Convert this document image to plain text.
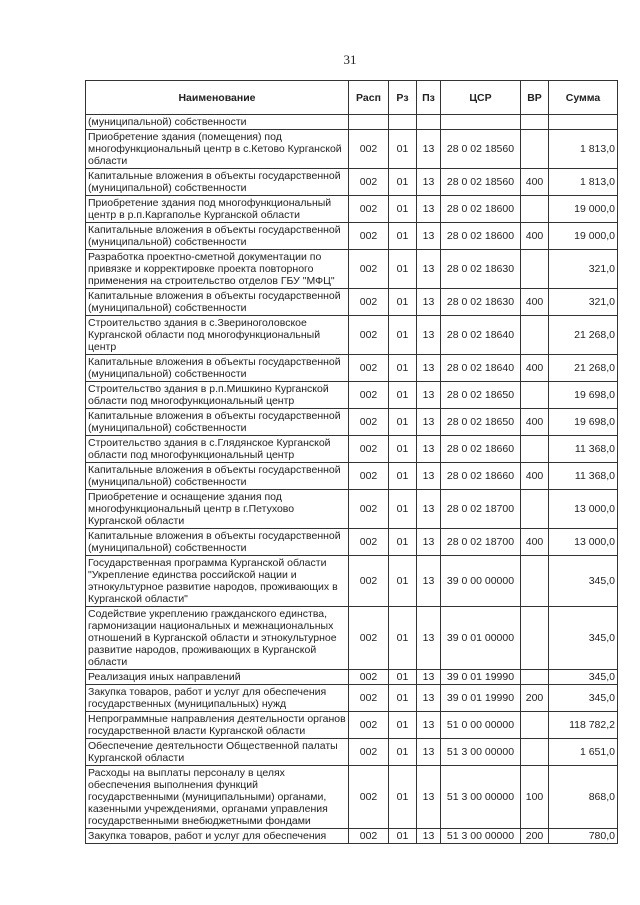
31
Наименование	Расп	Рз	Пз	ЦСР	ВР	Сумма
(муниципальной) собственности						
Приобретение здания (помещения) под многофункциональный центр в с.Кетово Курганской области	002	01	13	28 0 02 18560		1 813,0
Капитальные вложения в объекты государственной (муниципальной) собственности	002	01	13	28 0 02 18560	400	1 813,0
Приобретение здания под многофункциональный центр в р.п.Каргаполье Курганской области	002	01	13	28 0 02 18600		19 000,0
Капитальные вложения в объекты государственной (муниципальной) собственности	002	01	13	28 0 02 18600	400	19 000,0
Разработка проектно-сметной документации по привязке и корректировке проекта повторного применения на строительство отделов ГБУ "МФЦ"	002	01	13	28 0 02 18630		321,0
Капитальные вложения в объекты государственной (муниципальной) собственности	002	01	13	28 0 02 18630	400	321,0
Строительство здания в с.Звериноголовское Курганской области под многофункциональный центр	002	01	13	28 0 02 18640		21 268,0
Капитальные вложения в объекты государственной (муниципальной) собственности	002	01	13	28 0 02 18640	400	21 268,0
Строительство здания в р.п.Мишкино Курганской области под многофункциональный центр	002	01	13	28 0 02 18650		19 698,0
Капитальные вложения в объекты государственной (муниципальной) собственности	002	01	13	28 0 02 18650	400	19 698,0
Строительство здания в с.Глядянское Курганской области под многофункциональный центр	002	01	13	28 0 02 18660		11 368,0
Капитальные вложения в объекты государственной (муниципальной) собственности	002	01	13	28 0 02 18660	400	11 368,0
Приобретение и оснащение здания под многофункциональный центр в г.Петухово Курганской области	002	01	13	28 0 02 18700		13 000,0
Капитальные вложения в объекты государственной (муниципальной) собственности	002	01	13	28 0 02 18700	400	13 000,0
Государственная программа Курганской области "Укрепление единства российской нации и этнокультурное развитие народов, проживающих в Курганской области"	002	01	13	39 0 00 00000		345,0
Содействие укреплению гражданского единства, гармонизации национальных и межнациональных отношений в Курганской области и этнокультурное развитие народов, проживающих в Курганской области	002	01	13	39 0 01 00000		345,0
Реализация иных направлений	002	01	13	39 0 01 19990		345,0
Закупка товаров, работ и услуг для обеспечения государственных (муниципальных) нужд	002	01	13	39 0 01 19990	200	345,0
Непрограммные направления деятельности органов государственной власти Курганской области	002	01	13	51 0 00 00000		118 782,2
Обеспечение деятельности Общественной палаты Курганской области	002	01	13	51 3 00 00000		1 651,0
Расходы на выплаты персоналу в целях обеспечения выполнения функций государственными (муниципальными) органами, казенными учреждениями, органами управления государственными внебюджетными фондами	002	01	13	51 3 00 00000	100	868,0
Закупка товаров, работ и услуг для обеспечения	002	01	13	51 3 00 00000	200	780,0
